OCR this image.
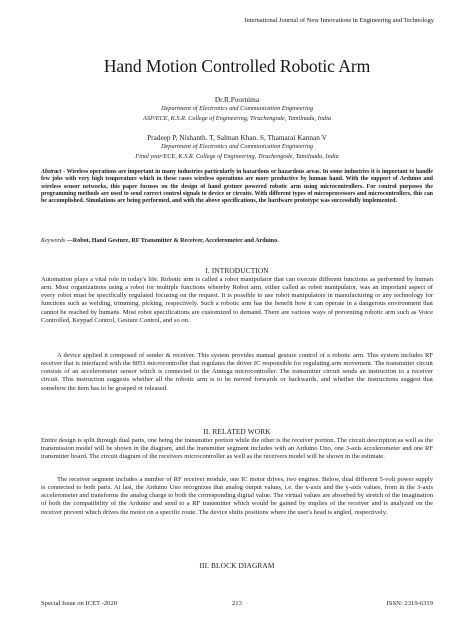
International Journal of New Innovations in Engineering and Technology
Hand Motion Controlled Robotic Arm
Dr.R.Poornima
Department of Electronics and Communication Engineering
ASP/ECE, K.S.R. College of Engineering, Tiruchengode, Tamilnadu, India
Pradeep P, Nishanth. T, Salman Khan. S, Thamarai Kannan V
Department of Electronics and Communication Engineering
Final year/ECE, K.S.R. College of Engineering, Tiruchengode, Tamilnadu, India
Abstract - Wireless operations are important in many industries particularly in hazardous or hazardous areas. In some industries it is important to handle few jobs with very high temperature which in these cases wireless operations are more productive by human hand. With the support of Arduino and wireless sensor networks, this paper focuses on the design of hand gesture powered robotic arm using microcontrollers. For control purposes the programming methods are used to send correct control signals to device or circuits. With different types of microprocessors and microcontrollers, this can be accomplished. Simulations are being performed, and with the above specifications, the hardware prototype was successfully implemented.
Keywords —Robot, Hand Gesture, RF Transmitter & Receiver, Accelerometer and Arduino.
I. INTRODUCTION
Automation plays a vital role in today's life. Robotic arm is called a robot manipulator that can execute different functions as performed by human arm. Most organizations using a robot for multiple functions whereby Robot arm, either called as robot manipulator, was an important aspect of every robot must be specifically regulated focusing on the request. It is possible to use robot manipulators in manufacturing or any technology for functions such as welding, trimming, picking, respectively. Such a robotic arm has the benefit how it can operate in a dangerous environment that cannot be reached by humans. Most robot specifications are customized to demand. There are various ways of preventing robotic arm such as Voice Controlled, Keypad Control, Gesture Control, and so on.
A device applied it composed of sender & receiver. This system provides manual gesture control of a robotic arm. This system includes RF receiver that is interfaced with the 8051 microcontroller that regulates the driver IC responsible for regulating arm movement. The transmitter circuit consists of an accelerometer sensor which is connected to the Atmega microcontroller. The transmitter circuit sends an instruction to a receiver circuit. This instruction suggests whether all the robotic arm is to be moved forwards or backwards, and whether the instructions suggest that somehow the item has to be grasped or released.
II. RELATED WORK
Entire design is split through dual parts, one being the transmitter portion while the other is the receiver portion. The circuit description as well as the transmission model will be shown in the diagram, and the transmitter segment includes with an Arduino Uno, one 3-axis accelerometer and one RF transmitter board. The circuit diagram of the receivers microcontroller as well as the receivers model will be shown in the estimate.
The receiver segment includes a number of RF receiver module, one IC motor drives, two engines. Below, dual different 5-volt power supply is connected to both parts. At last, the Arduino Uno recognizes that analog output values, i.e. the x-axis and the y-axis values, from in the 3-axis accelerometer and transforms the analog charge to both the corresponding digital value. The virtual values are absorbed by stretch of the imagination of both the compatibility of the Arduino and send to a RF transmitter which would be gained by implies of the receiver and is analyzed on the receiver prevent which drives the motor on a specific route. The device shifts positions where the user's head is angled, respectively.
III. BLOCK DIAGRAM
Special Issue on ICET -2020	213	ISSN: 2319-6319
